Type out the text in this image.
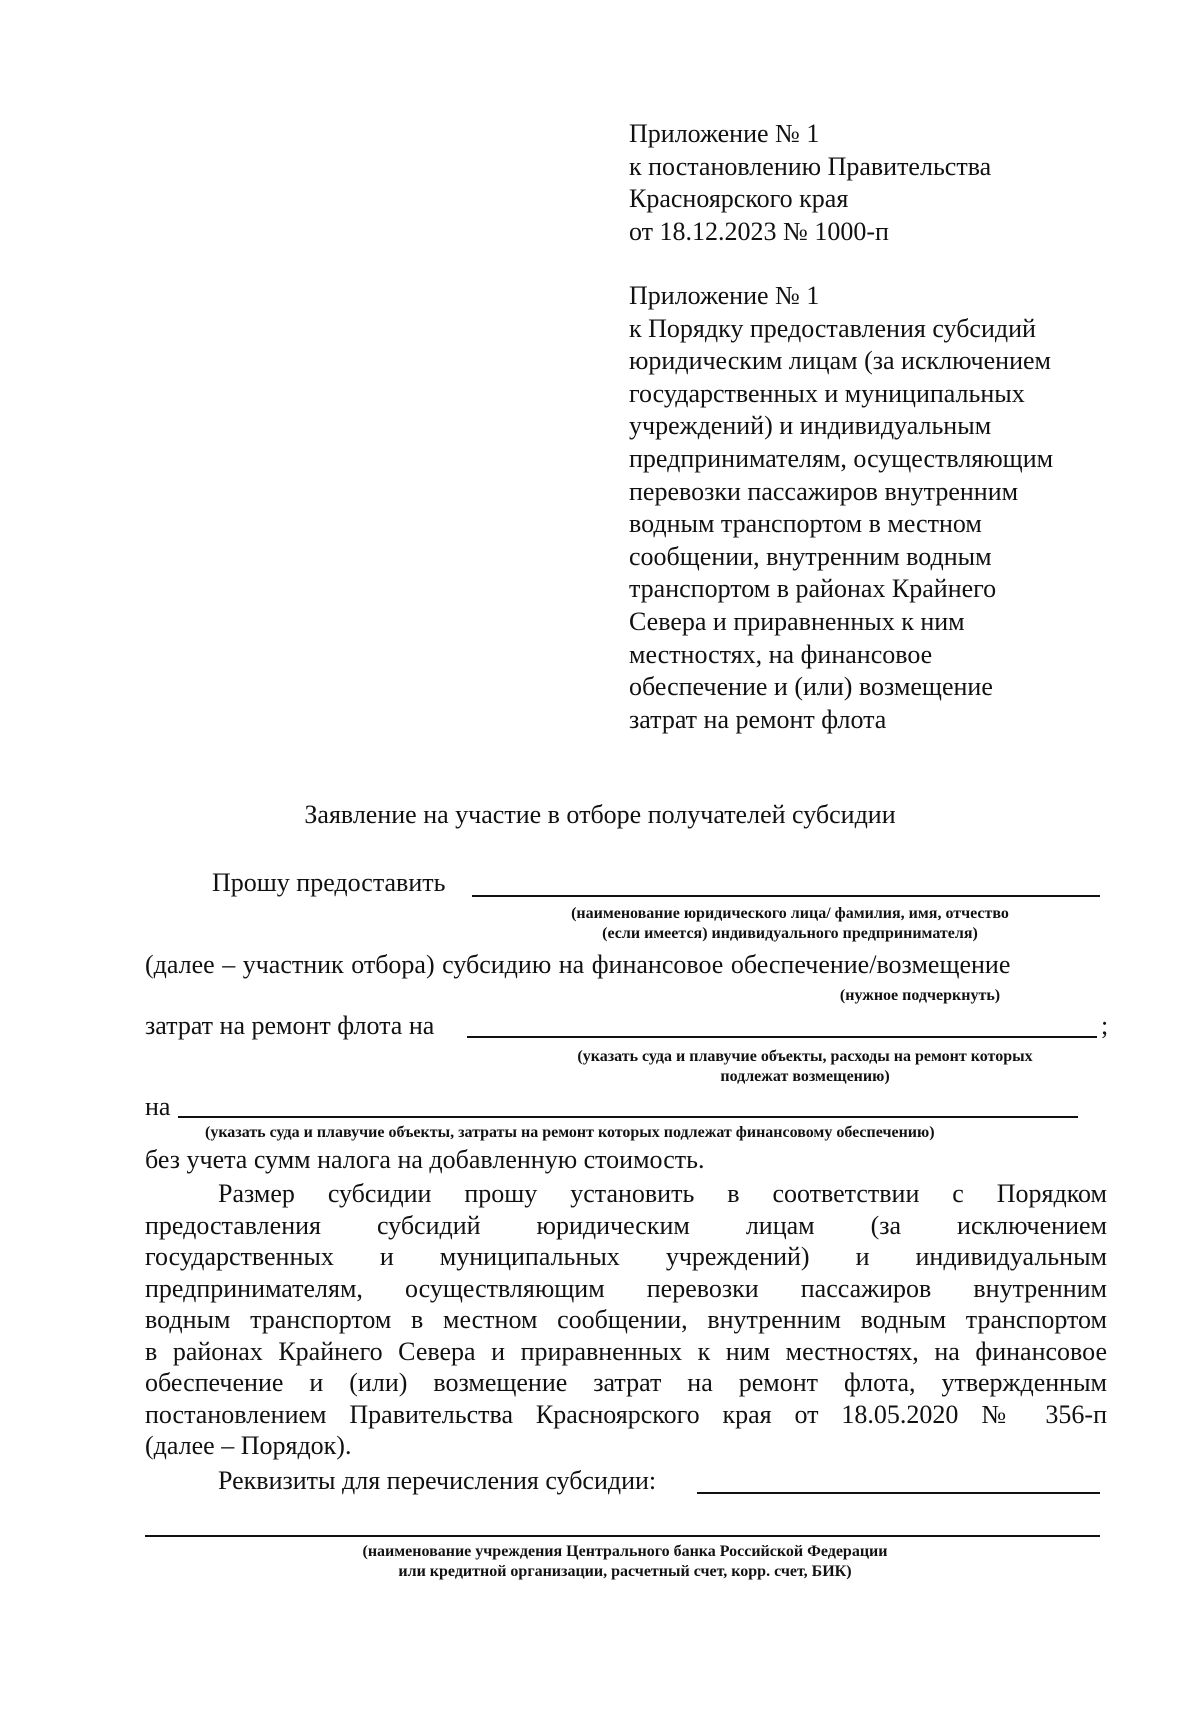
Приложение № 1
к постановлению Правительства
Красноярского края
от 18.12.2023 № 1000-п
Приложение № 1
к Порядку предоставления субсидий
юридическим лицам (за исключением
государственных и муниципальных
учреждений) и индивидуальным
предпринимателям, осуществляющим
перевозки пассажиров внутренним
водным транспортом в местном
сообщении, внутренним водным
транспортом в районах Крайнего
Севера и приравненных к ним
местностях, на финансовое
обеспечение и (или) возмещение
затрат на ремонт флота
Заявление на участие в отборе получателей субсидии
Прошу предоставить
(наименование юридического лица/ фамилия, имя, отчество
(если имеется) индивидуального предпринимателя)
(далее – участник отбора) субсидию на финансовое обеспечение/возмещение
(нужное подчеркнуть)
затрат на ремонт флота на	;
(указать суда и плавучие объекты, расходы на ремонт которых
подлежат возмещению)
на
(указать суда и плавучие объекты, затраты на ремонт которых подлежат финансовому обеспечению)
без учета сумм налога на добавленную стоимость.
Размер субсидии прошу установить в соответствии с Порядком
предоставления субсидий юридическим лицам (за исключением
государственных и муниципальных учреждений) и индивидуальным
предпринимателям, осуществляющим перевозки пассажиров внутренним
водным транспортом в местном сообщении, внутренним водным транспортом
в районах Крайнего Севера и приравненных к ним местностях, на финансовое
обеспечение и (или) возмещение затрат на ремонт флота, утвержденным
постановлением Правительства Красноярского края от 18.05.2020 № 356-п
(далее – Порядок).
Реквизиты для перечисления субсидии:
(наименование учреждения Центрального банка Российской Федерации
или кредитной организации, расчетный счет, корр. счет, БИК)
